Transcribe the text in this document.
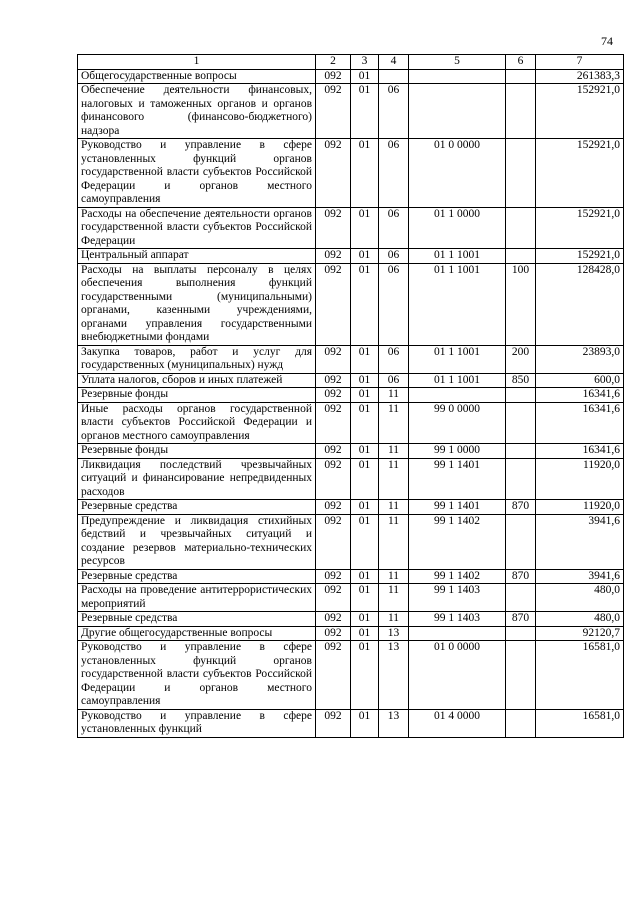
74
1	2	3	4	5	6	7
Общегосударственные вопросы	092	01				261383,3
Обеспечение деятельности финансовых, налоговых и таможенных органов и органов финансового (финансово-бюджетного) надзора	092	01	06			152921,0
Руководство и управление в сфере установленных функций органов государственной власти субъектов Российской Федерации и органов местного самоуправления	092	01	06	01 0 0000		152921,0
Расходы на обеспечение деятельности органов государственной власти субъектов Российской Федерации	092	01	06	01 1 0000		152921,0
Центральный аппарат	092	01	06	01 1 1001		152921,0
Расходы на выплаты персоналу в целях обеспечения выполнения функций государственными (муниципальными) органами, казенными учреждениями, органами управления государственными внебюджетными фондами	092	01	06	01 1 1001	100	128428,0
Закупка товаров, работ и услуг для государственных (муниципальных) нужд	092	01	06	01 1 1001	200	23893,0
Уплата налогов, сборов и иных платежей	092	01	06	01 1 1001	850	600,0
Резервные фонды	092	01	11			16341,6
Иные расходы органов государственной власти субъектов Российской Федерации и органов местного самоуправления	092	01	11	99 0 0000		16341,6
Резервные фонды	092	01	11	99 1 0000		16341,6
Ликвидация последствий чрезвычайных ситуаций и финансирование непредвиденных расходов	092	01	11	99 1 1401		11920,0
Резервные средства	092	01	11	99 1 1401	870	11920,0
Предупреждение и ликвидация стихийных бедствий и чрезвычайных ситуаций и создание резервов материально-технических ресурсов	092	01	11	99 1 1402		3941,6
Резервные средства	092	01	11	99 1 1402	870	3941,6
Расходы на проведение антитеррористических мероприятий	092	01	11	99 1 1403		480,0
Резервные средства	092	01	11	99 1 1403	870	480,0
Другие общегосударственные вопросы	092	01	13			92120,7
Руководство и управление в сфере установленных функций органов государственной власти субъектов Российской Федерации и органов местного самоуправления	092	01	13	01 0 0000		16581,0
Руководство и управление в сфере установленных функций	092	01	13	01 4 0000		16581,0
